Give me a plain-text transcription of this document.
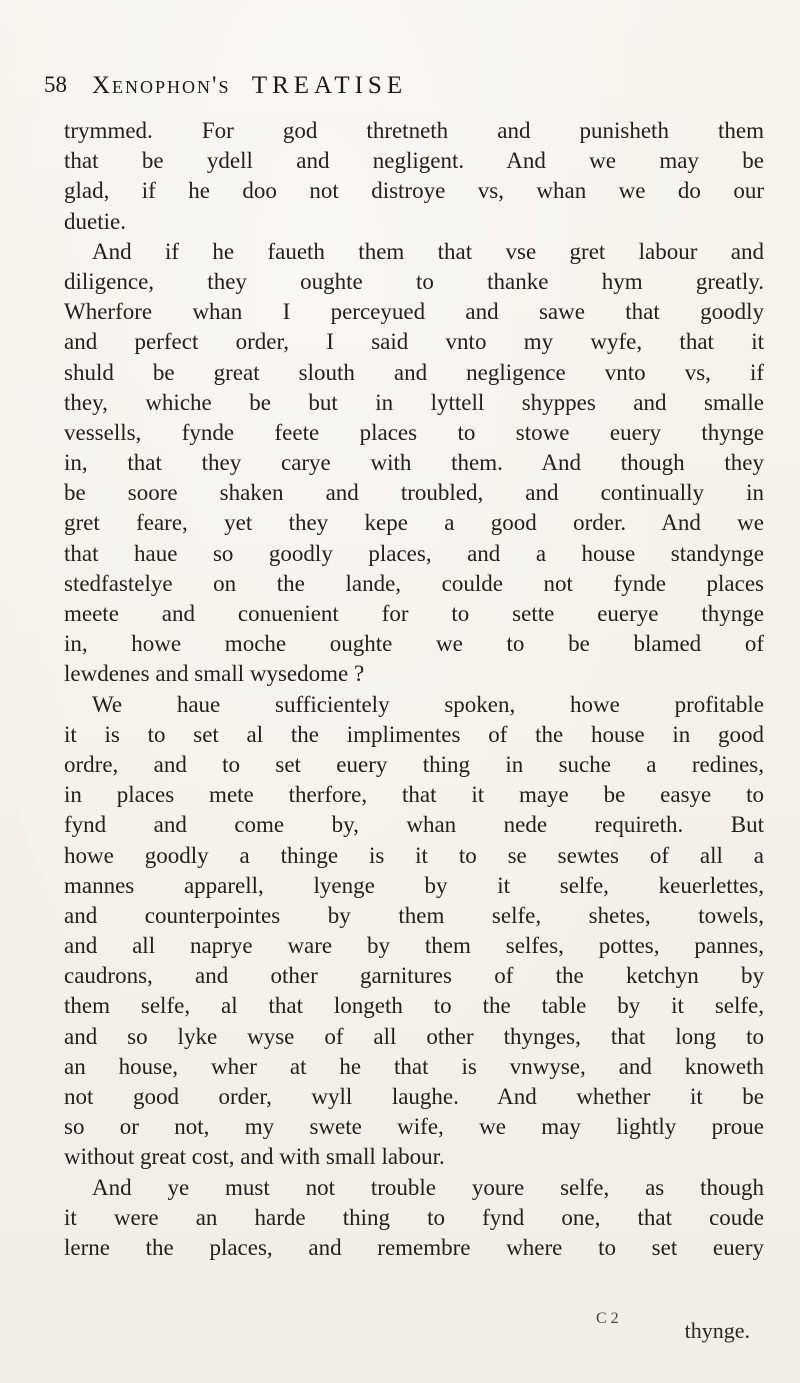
58 Xenophon's TREATISE
trymmed. For god thretneth and punisheth them
that be ydell and negligent. And we may be
glad, if he doo not distroye vs, whan we do our
duetie.
And if he faueth them that vse gret labour and
diligence, they oughte to thanke hym greatly.
Wherfore whan I perceyued and sawe that goodly
and perfect order, I said vnto my wyfe, that it
shuld be great slouth and negligence vnto vs, if
they, whiche be but in lyttell shyppes and smalle
vessells, fynde feete places to stowe euery thynge
in, that they carye with them. And though they
be soore shaken and troubled, and continually in
gret feare, yet they kepe a good order. And we
that haue so goodly places, and a house standynge
stedfastelye on the lande, coulde not fynde places
meete and conuenient for to sette euerye thynge
in, howe moche oughte we to be blamed of
lewdenes and small wysedome ?
We haue sufficientely spoken, howe profitable
it is to set al the implimentes of the house in good
ordre, and to set euery thing in suche a redines,
in places mete therfore, that it maye be easye to
fynd and come by, whan nede requireth. But
howe goodly a thinge is it to se sewtes of all a
mannes apparell, lyenge by it selfe, keuerlettes,
and counterpointes by them selfe, shetes, towels,
and all naprye ware by them selfes, pottes, pannes,
caudrons, and other garnitures of the ketchyn by
them selfe, al that longeth to the table by it selfe,
and so lyke wyse of all other thynges, that long to
an house, wher at he that is vnwyse, and knoweth
not good order, wyll laughe. And whether it be
so or not, my swete wife, we may lightly proue
without great cost, and with small labour.
And ye must not trouble youre selfe, as though
it were an harde thing to fynd one, that coude
lerne the places, and remembre where to set euery
C 2	thynge.
